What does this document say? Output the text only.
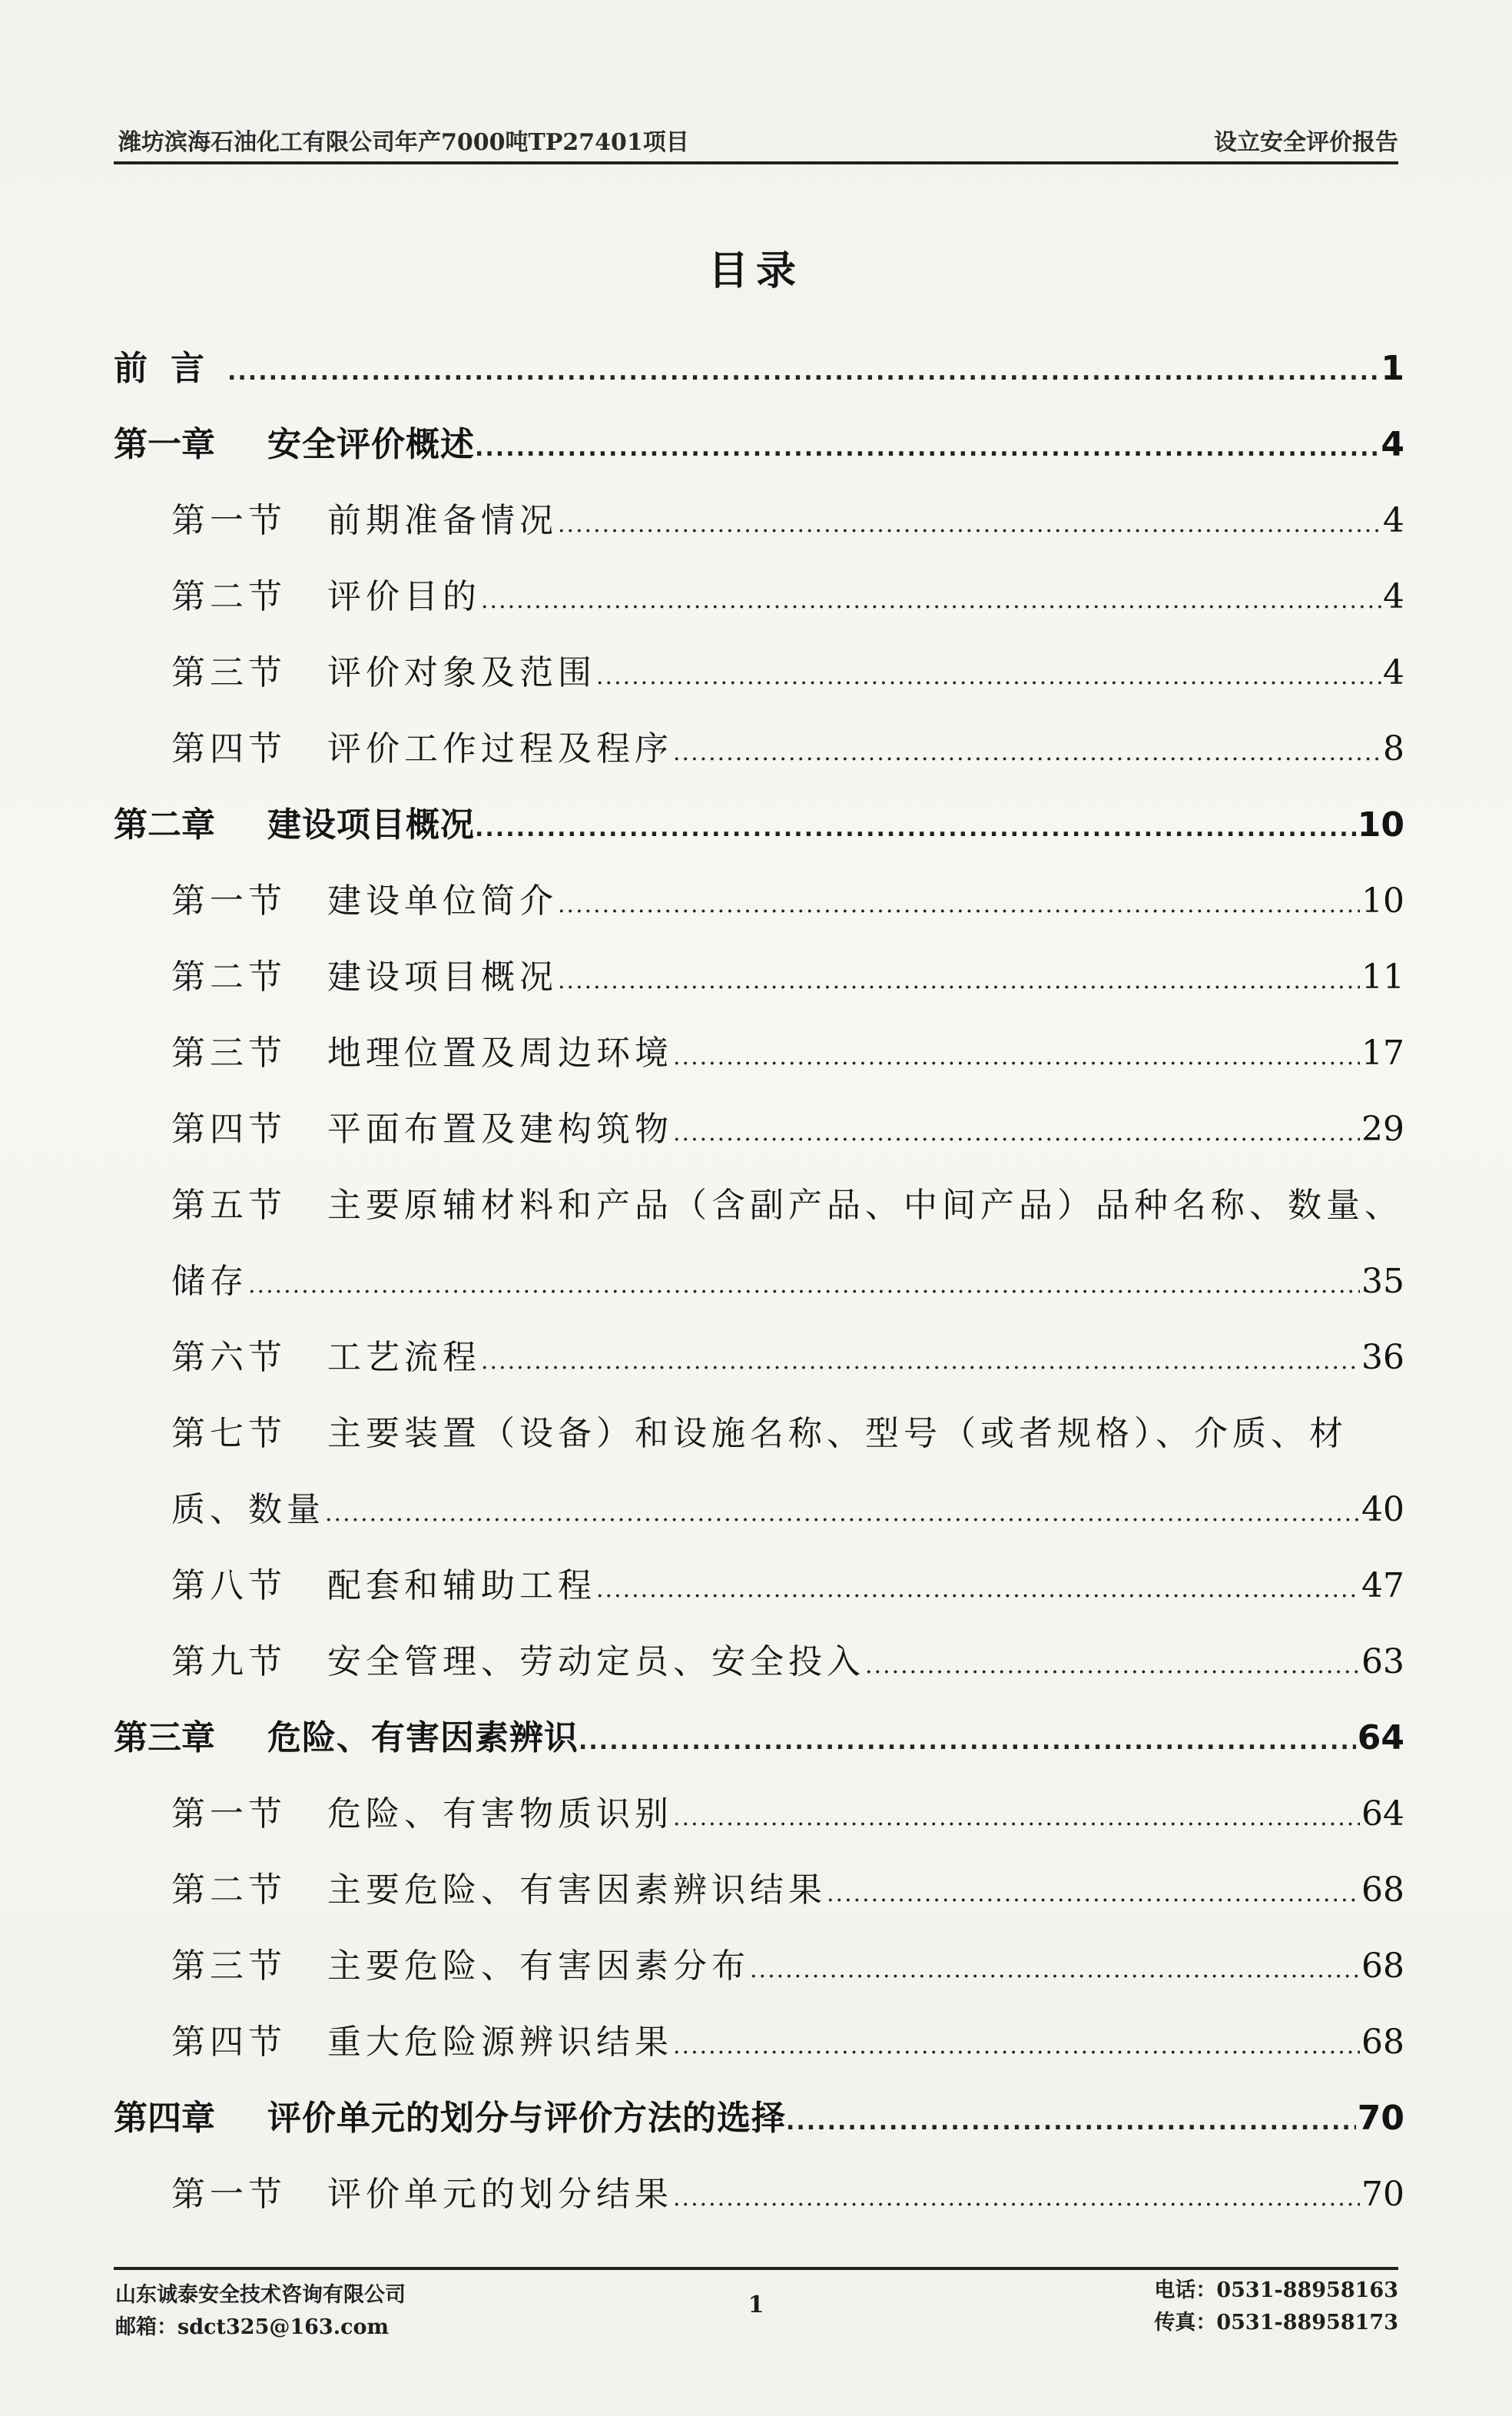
潍坊滨海石油化工有限公司年产7000吨TP27401项目	设立安全评价报告
目录
前言 .....	1
第一章 安全评价概述 .....	4
第一节 前期准备情况 .....	4
第二节 评价目的 .....	4
第三节 评价对象及范围 .....	4
第四节 评价工作过程及程序 .....	8
第二章 建设项目概况 .....	10
第一节 建设单位简介 .....	10
第二节 建设项目概况 .....	11
第三节 地理位置及周边环境 .....	17
第四节 平面布置及建构筑物 .....	29
第五节 主要原辅材料和产品（含副产品、中间产品）品种名称、数量、
储存 .....	35
第六节 工艺流程 .....	36
第七节 主要装置（设备）和设施名称、型号（或者规格）、介质、材
质、数量 .....	40
第八节 配套和辅助工程 .....	47
第九节 安全管理、劳动定员、安全投入 .....	63
第三章 危险、有害因素辨识 .....	64
第一节 危险、有害物质识别 .....	64
第二节 主要危险、有害因素辨识结果 .....	68
第三节 主要危险、有害因素分布 .....	68
第四节 重大危险源辨识结果 .....	68
第四章 评价单元的划分与评价方法的选择 .....	70
第一节 评价单元的划分结果 .....	70
山东诚泰安全技术咨询有限公司
邮箱：sdct325@163.com
1
电话：0531-88958163
传真：0531-88958173
